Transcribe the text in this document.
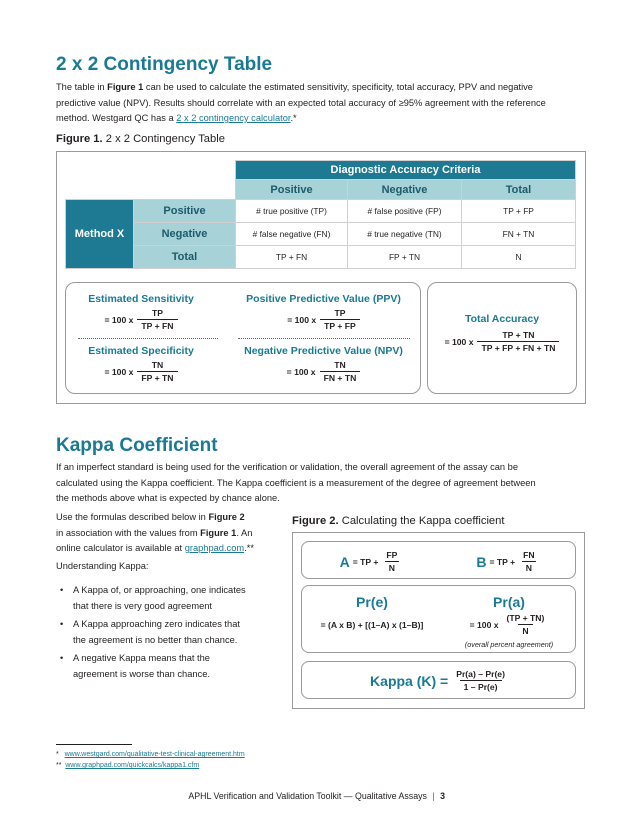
2 x 2 Contingency Table

The table in Figure 1 can be used to calculate the estimated sensitivity, specificity, total accuracy, PPV and negative

predictive value (NPV). Results should correlate with an expected total accuracy of ≥95% agreement with the reference

method. Westgard QC has a 2 x 2 contingency calculator.*

Figure 1. 2 x 2 Contingency Table
		Diagnostic Accuracy Criteria		
		Positive	Negative	Total
Method X	Positive	# true positive (TP)	# false positive (FP)	TP + FP
	Negative	# false negative (FN)	# true negative (TN)	FN + TN
	Total	TP + FN	FP + TN	N
Estimated Sensitivity
= 100 x $\frac{TP}{TP + FN}$
Estimated Specificity
= 100 x $\frac{TN}{FP + TN}$
Positive Predictive Value (PPV)
= 100 x $\frac{TP}{TP + FP}$
Negative Predictive Value (NPV)
= 100 x $\frac{TN}{FN + TN}$
Total Accuracy
= 100 x $\frac{TP + TN}{TP + FP + FN + TN}$
Kappa Coefficient

If an imperfect standard is being used for the verification or validation, the overall agreement of the assay can be

calculated using the Kappa coefficient. The Kappa coefficient is a measurement of the degree of agreement between

the methods above what is expected by chance alone.

Use the formulas described below in Figure 2

in association with the values from Figure 1. An

online calculator is available at graphpad.com.**

Understanding Kappa:
• A Kappa of, or approaching, one indicates
that there is very good agreement
• A Kappa approaching zero indicates that
the agreement is no better than chance.
• A negative Kappa means that the
agreement is worse than chance.
Figure 2. Calculating the Kappa coefficient
A = TP + $\frac{FP}{N}$	B = TP + $\frac{FN}{N}$
Pr(e)
= (A x B) + [(1–A) x (1–B)]
Pr(a)
= 100 x $\frac{(TP + TN)}{N}$
(overall percent agreement)
Kappa $(K) = \frac{Pr(a) - Pr(e)}{1 - Pr(e)}$
* www.westgard.com/qualitative-test-clinical-agreement.htm
** www.graphpad.com/quickcalcs/kappa1.cfm
APHL Verification and Validation Toolkit — Qualitative Assays | 3
